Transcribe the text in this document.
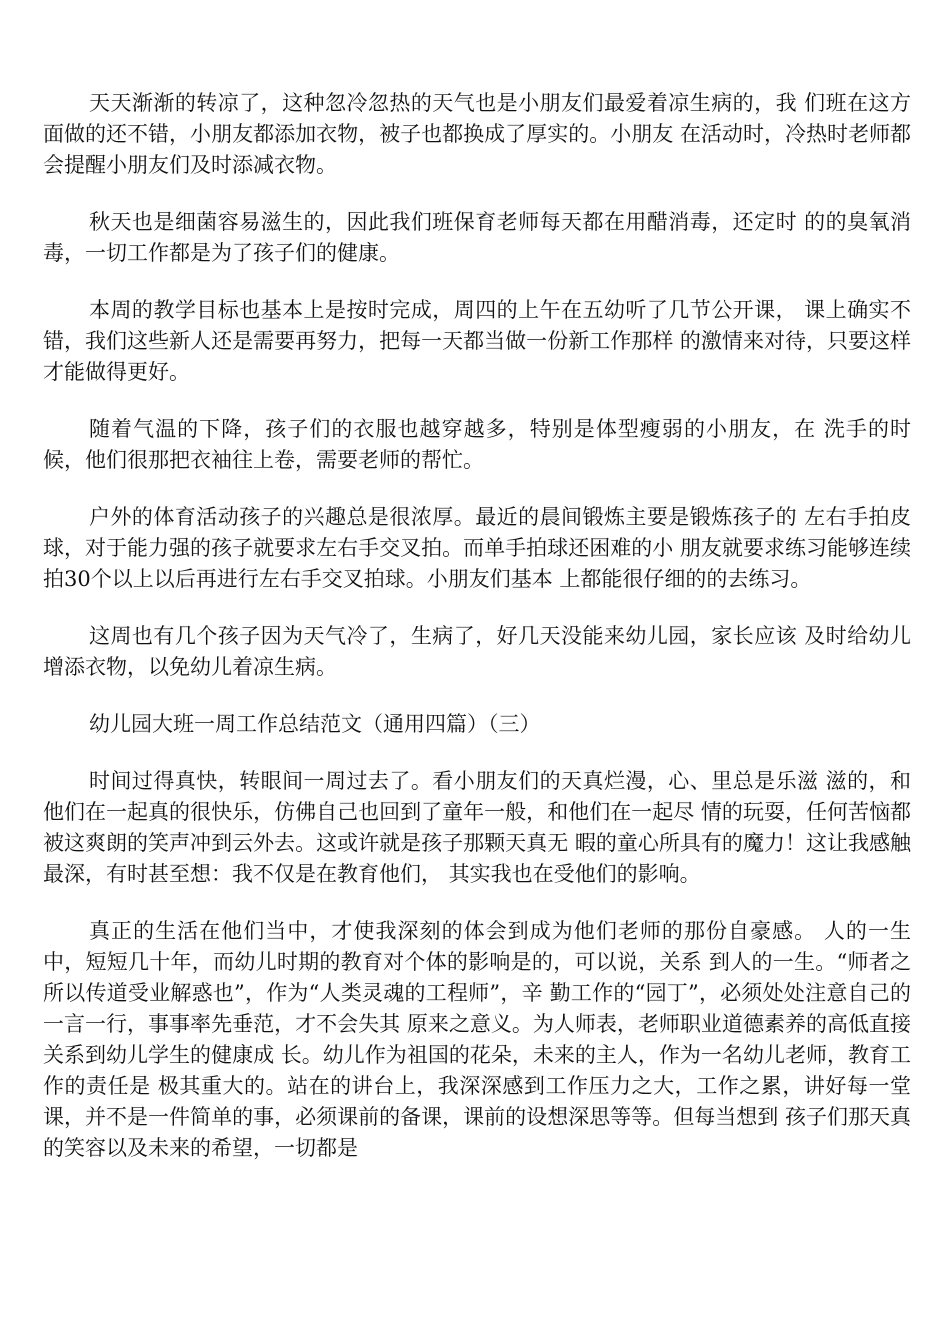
天天渐渐的转凉了，这种忽冷忽热的天气也是小朋友们最爱着凉生病的，我 们班在这方面做的还不错，小朋友都添加衣物，被子也都换成了厚实的。小朋友 在活动时，冷热时老师都会提醒小朋友们及时添减衣物。

秋天也是细菌容易滋生的，因此我们班保育老师每天都在用醋消毒，还定时 的的臭氧消毒，一切工作都是为了孩子们的健康。

本周的教学目标也基本上是按时完成，周四的上午在五幼听了几节公开课， 课上确实不错，我们这些新人还是需要再努力，把每一天都当做一份新工作那样 的激情来对待，只要这样才能做得更好。

随着气温的下降，孩子们的衣服也越穿越多，特别是体型瘦弱的小朋友，在 洗手的时候，他们很那把衣袖往上卷，需要老师的帮忙。

户外的体育活动孩子的兴趣总是很浓厚。最近的晨间锻炼主要是锻炼孩子的 左右手拍皮球，对于能力强的孩子就要求左右手交叉拍。而单手拍球还困难的小 朋友就要求练习能够连续拍30个以上以后再进行左右手交叉拍球。小朋友们基本 上都能很仔细的的去练习。

这周也有几个孩子因为天气冷了，生病了，好几天没能来幼儿园，家长应该 及时给幼儿增添衣物，以免幼儿着凉生病。

幼儿园大班一周工作总结范文（通用四篇）（三）

时间过得真快，转眼间一周过去了。看小朋友们的天真烂漫，心、里总是乐滋 滋的，和他们在一起真的很快乐，仿佛自己也回到了童年一般，和他们在一起尽 情的玩耍，任何苦恼都被这爽朗的笑声冲到云外去。这或许就是孩子那颗天真无 暇的童心所具有的魔力！这让我感触最深，有时甚至想：我不仅是在教育他们， 其实我也在受他们的影响。

真正的生活在他们当中，才使我深刻的体会到成为他们老师的那份自豪感。 人的一生中，短短几十年，而幼儿时期的教育对个体的影响是的，可以说，关系 到人的一生。“师者之所以传道受业解惑也”，作为“人类灵魂的工程师”，辛 勤工作的“园丁”，必须处处注意自己的一言一行，事事率先垂范，才不会失其 原来之意义。为人师表，老师职业道德素养的高低直接关系到幼儿学生的健康成 长。幼儿作为祖国的花朵，未来的主人，作为一名幼儿老师，教育工作的责任是 极其重大的。站在的讲台上，我深深感到工作压力之大，工作之累，讲好每一堂 课，并不是一件简单的事，必须课前的备课，课前的设想深思等等。但每当想到 孩子们那天真的笑容以及未来的希望，一切都是
